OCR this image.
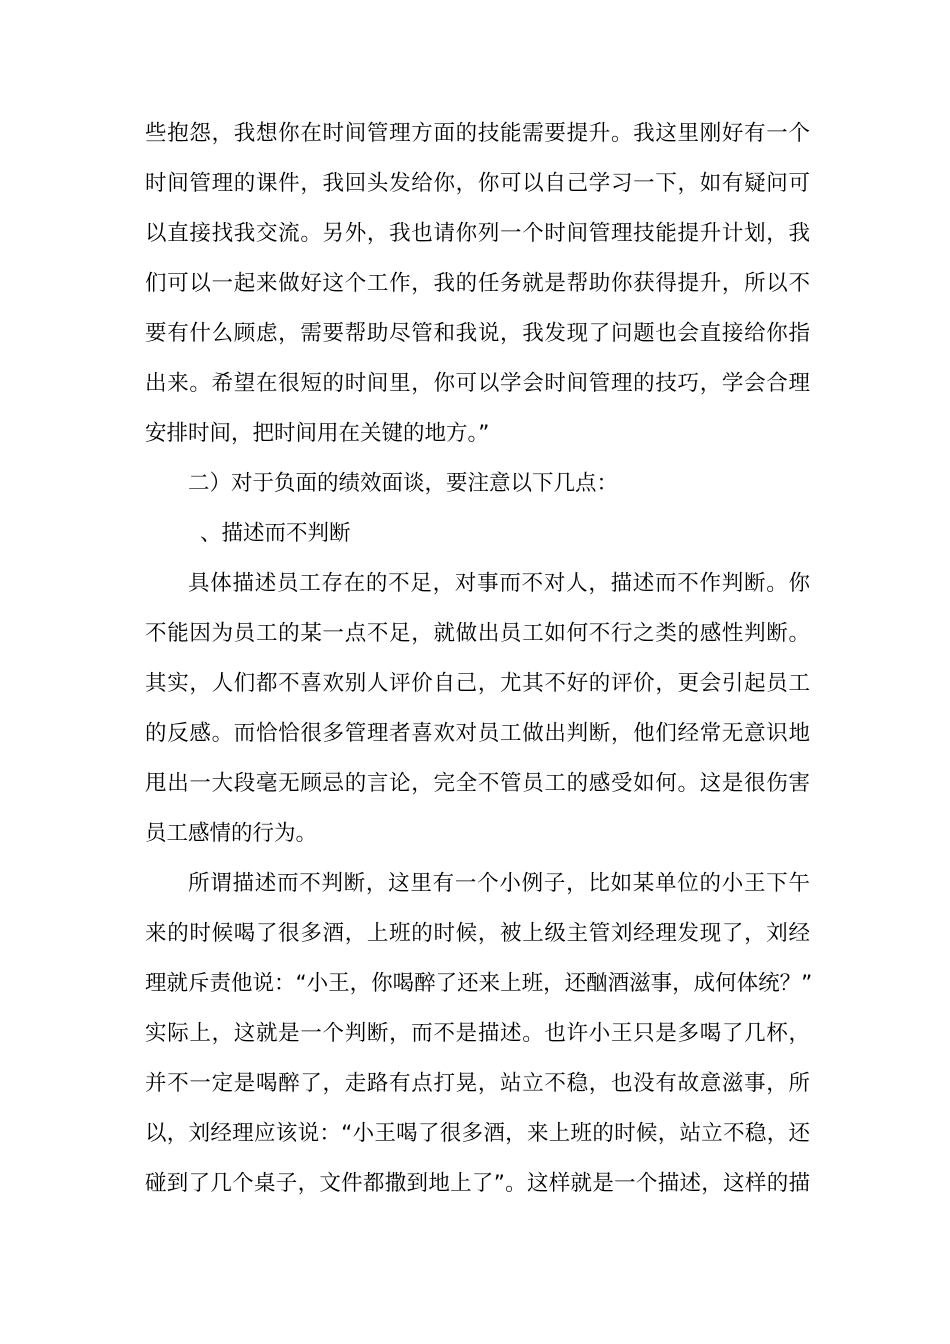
些抱怨，我想你在时间管理方面的技能需要提升。我这里刚好有一个
时间管理的课件，我回头发给你，你可以自己学习一下，如有疑问可
以直接找我交流。另外，我也请你列一个时间管理技能提升计划，我
们可以一起来做好这个工作，我的任务就是帮助你获得提升，所以不
要有什么顾虑，需要帮助尽管和我说，我发现了问题也会直接给你指
出来。希望在很短的时间里，你可以学会时间管理的技巧，学会合理
安排时间，把时间用在关键的地方。”
二）对于负面的绩效面谈，要注意以下几点：
、描述而不判断
具体描述员工存在的不足，对事而不对人，描述而不作判断。你
不能因为员工的某一点不足，就做出员工如何不行之类的感性判断。
其实，人们都不喜欢别人评价自己，尤其不好的评价，更会引起员工
的反感。而恰恰很多管理者喜欢对员工做出判断，他们经常无意识地
甩出一大段毫无顾忌的言论，完全不管员工的感受如何。这是很伤害
员工感情的行为。
所谓描述而不判断，这里有一个小例子，比如某单位的小王下午
来的时候喝了很多酒，上班的时候，被上级主管刘经理发现了，刘经
理就斥责他说：“小王，你喝醉了还来上班，还酗酒滋事，成何体统？”
实际上，这就是一个判断，而不是描述。也许小王只是多喝了几杯，
并不一定是喝醉了，走路有点打晃，站立不稳，也没有故意滋事，所
以，刘经理应该说：“小王喝了很多酒，来上班的时候，站立不稳，还
碰到了几个桌子，文件都撒到地上了”。这样就是一个描述，这样的描
